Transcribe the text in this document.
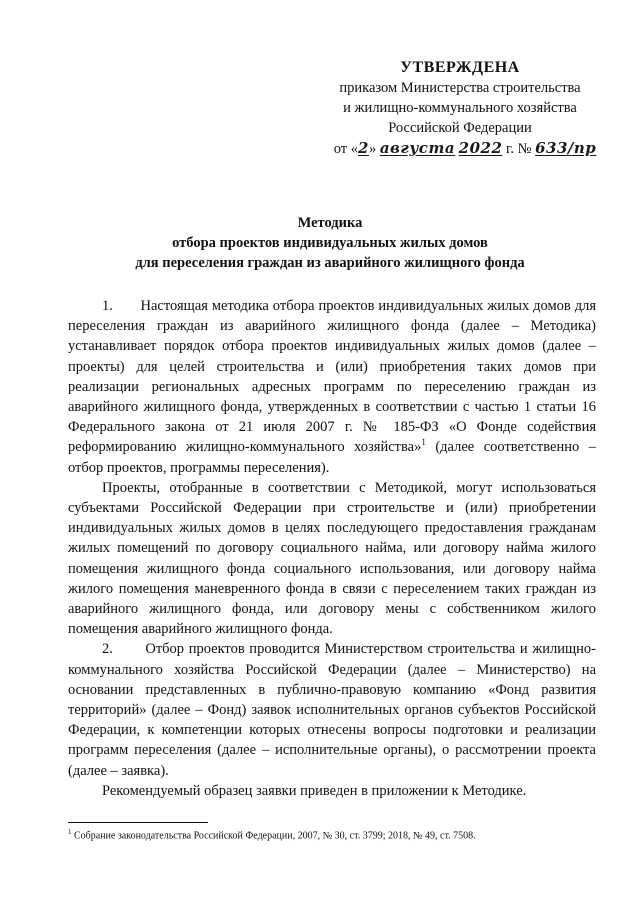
УТВЕРЖДЕНА
приказом Министерства строительства
и жилищно-коммунального хозяйства
Российской Федерации
от «2» августа 2022 г. № 633/пр
Методика
отбора проектов индивидуальных жилых домов
для переселения граждан из аварийного жилищного фонда

1. Настоящая методика отбора проектов индивидуальных жилых домов для переселения граждан из аварийного жилищного фонда (далее – Методика) устанавливает порядок отбора проектов индивидуальных жилых домов (далее – проекты) для целей строительства и (или) приобретения таких домов при реализации региональных адресных программ по переселению граждан из аварийного жилищного фонда, утвержденных в соответствии с частью 1 статьи 16 Федерального закона от 21 июля 2007 г. № 185-ФЗ «О Фонде содействия реформированию жилищно-коммунального хозяйства»$^1$ (далее соответственно – отбор проектов, программы переселения).

Проекты, отобранные в соответствии с Методикой, могут использоваться субъектами Российской Федерации при строительстве и (или) приобретении индивидуальных жилых домов в целях последующего предоставления гражданам жилых помещений по договору социального найма, или договору найма жилого помещения жилищного фонда социального использования, или договору найма жилого помещения маневренного фонда в связи с переселением таких граждан из аварийного жилищного фонда, или договору мены с собственником жилого помещения аварийного жилищного фонда.

2. Отбор проектов проводится Министерством строительства и жилищно-коммунального хозяйства Российской Федерации (далее – Министерство) на основании представленных в публично-правовую компанию «Фонд развития территорий» (далее – Фонд) заявок исполнительных органов субъектов Российской Федерации, к компетенции которых отнесены вопросы подготовки и реализации программ переселения (далее – исполнительные органы), о рассмотрении проекта (далее – заявка).

Рекомендуемый образец заявки приведен в приложении к Методике.

$^1$ Собрание законодательства Российской Федерации, 2007, № 30, ст. 3799; 2018, № 49, ст. 7508.
